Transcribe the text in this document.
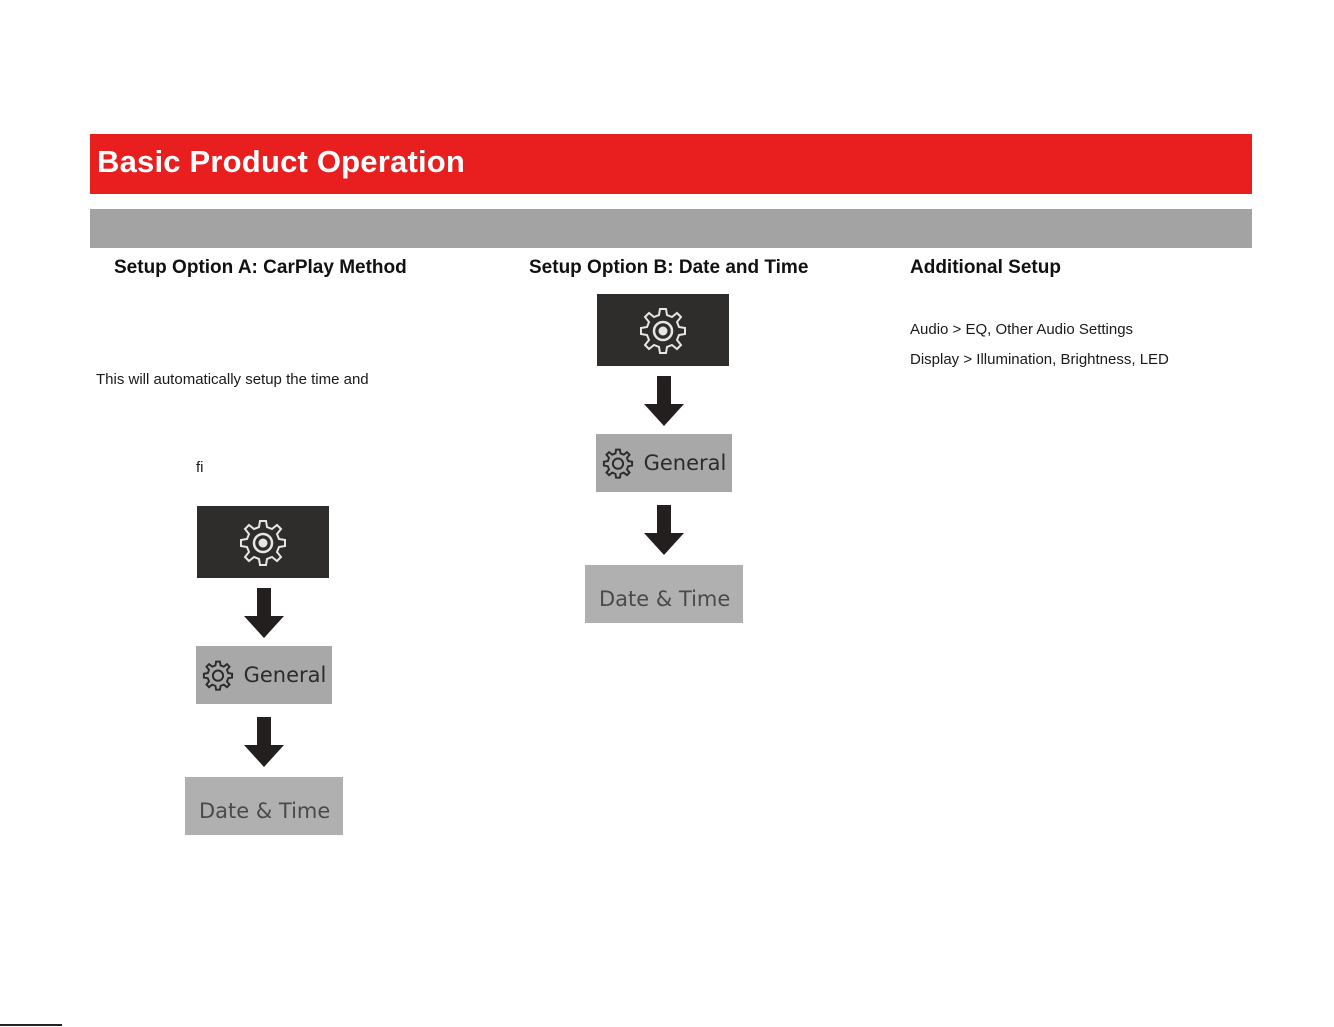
Basic Product Operation
Setup Option A: CarPlay Method
This will automatically setup the time and
fi
General
Date & Time
Setup Option B: Date and Time
General
Date & Time
Additional Setup
Audio > EQ, Other Audio Settings
Display > Illumination, Brightness, LED
